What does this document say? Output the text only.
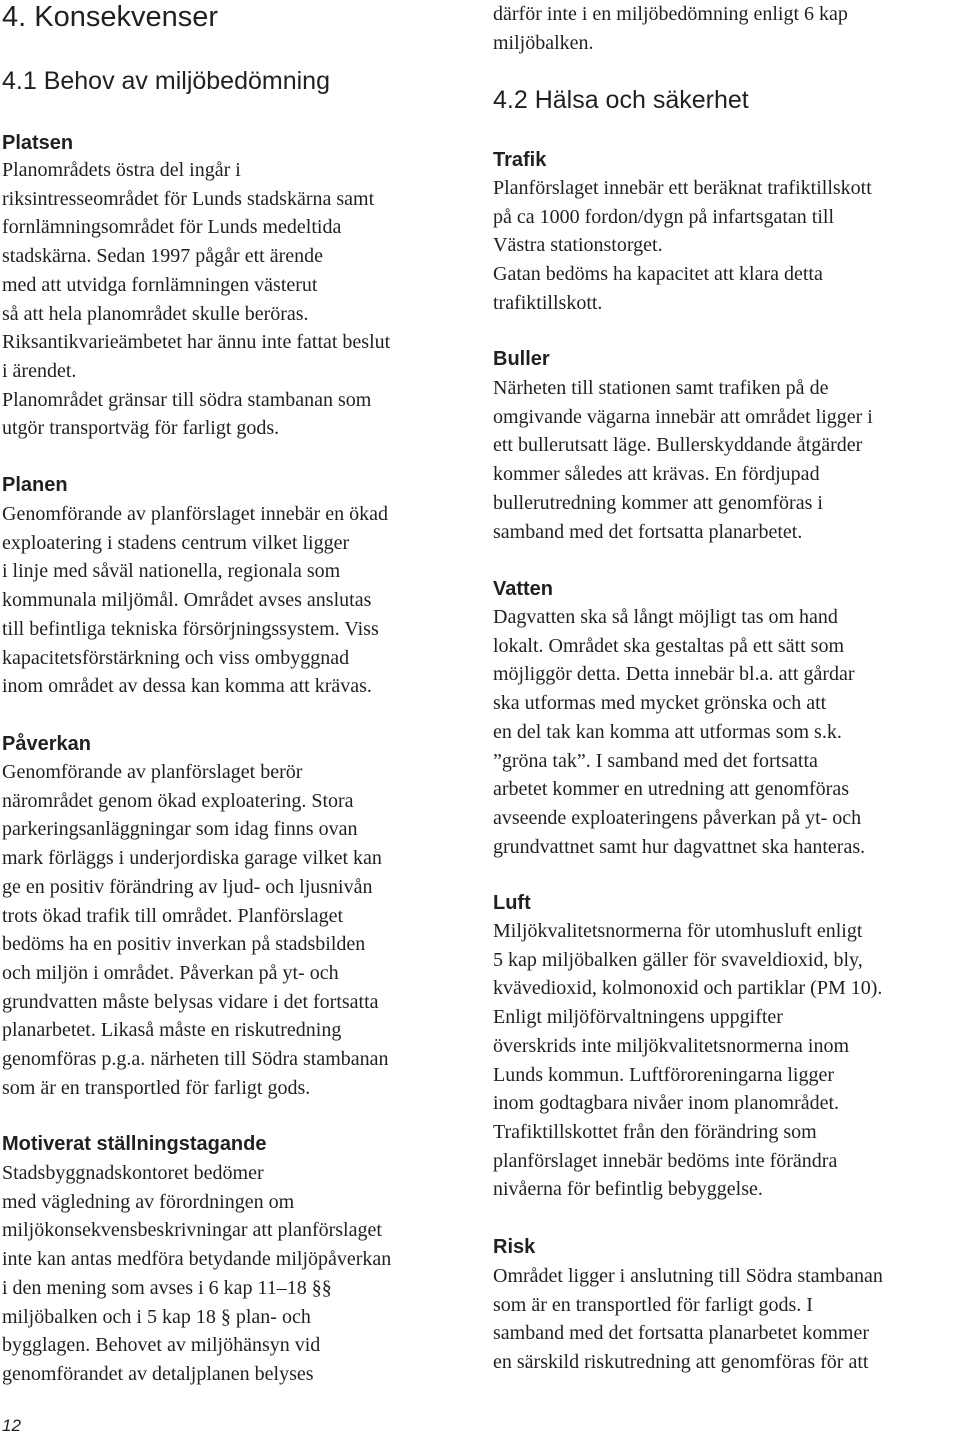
4. Konsekvenser
4.1 Behov av miljöbedömning
Platsen
Planområdets östra del ingår i
riksintresseområdet för Lunds stadskärna samt
fornlämningsområdet för Lunds medeltida
stadskärna. Sedan 1997 pågår ett ärende
med att utvidga fornlämningen västerut
så att hela planområdet skulle beröras.
Riksantikvarieämbetet har ännu inte fattat beslut
i ärendet.
Planområdet gränsar till södra stambanan som
utgör transportväg för farligt gods.
Planen
Genomförande av planförslaget innebär en ökad
exploatering i stadens centrum vilket ligger
i linje med såväl nationella, regionala som
kommunala miljömål. Området avses anslutas
till befintliga tekniska försörjningssystem. Viss
kapacitetsförstärkning och viss ombyggnad
inom området av dessa kan komma att krävas.
Påverkan
Genomförande av planförslaget berör
närområdet genom ökad exploatering. Stora
parkeringsanläggningar som idag finns ovan
mark förläggs i underjordiska garage vilket kan
ge en positiv förändring av ljud- och ljusnivån
trots ökad trafik till området. Planförslaget
bedöms ha en positiv inverkan på stadsbilden
och miljön i området. Påverkan på yt- och
grundvatten måste belysas vidare i det fortsatta
planarbetet. Likaså måste en riskutredning
genomföras p.g.a. närheten till Södra stambanan
som är en transportled för farligt gods.
Motiverat ställningstagande
Stadsbyggnadskontoret bedömer
med vägledning av förordningen om
miljökonsekvensbeskrivningar att planförslaget
inte kan antas medföra betydande miljöpåverkan
i den mening som avses i 6 kap 11–18 §§
miljöbalken och i 5 kap 18 § plan- och
bygglagen. Behovet av miljöhänsyn vid
genomförandet av detaljplanen belyses
därför inte i en miljöbedömning enligt 6 kap
miljöbalken.
4.2 Hälsa och säkerhet
Trafik
Planförslaget innebär ett beräknat trafiktillskott
på ca 1000 fordon/dygn på infartsgatan till
Västra stationstorget.
Gatan bedöms ha kapacitet att klara detta
trafiktillskott.
Buller
Närheten till stationen samt trafiken på de
omgivande vägarna innebär att området ligger i
ett bullerutsatt läge. Bullerskyddande åtgärder
kommer således att krävas. En fördjupad
bullerutredning kommer att genomföras i
samband med det fortsatta planarbetet.
Vatten
Dagvatten ska så långt möjligt tas om hand
lokalt. Området ska gestaltas på ett sätt som
möjliggör detta. Detta innebär bl.a. att gårdar
ska utformas med mycket grönska och att
en del tak kan komma att utformas som s.k.
”gröna tak”. I samband med det fortsatta
arbetet kommer en utredning att genomföras
avseende exploateringens påverkan på yt- och
grundvattnet samt hur dagvattnet ska hanteras.
Luft
Miljökvalitetsnormerna för utomhusluft enligt
5 kap miljöbalken gäller för svaveldioxid, bly,
kvävedioxid, kolmonoxid och partiklar (PM 10).
Enligt miljöförvaltningens uppgifter
överskrids inte miljökvalitetsnormerna inom
Lunds kommun. Luftföroreningarna ligger
inom godtagbara nivåer inom planområdet.
Trafiktillskottet från den förändring som
planförslaget innebär bedöms inte förändra
nivåerna för befintlig bebyggelse.
Risk
Området ligger i anslutning till Södra stambanan
som är en transportled för farligt gods. I
samband med det fortsatta planarbetet kommer
en särskild riskutredning att genomföras för att
12
